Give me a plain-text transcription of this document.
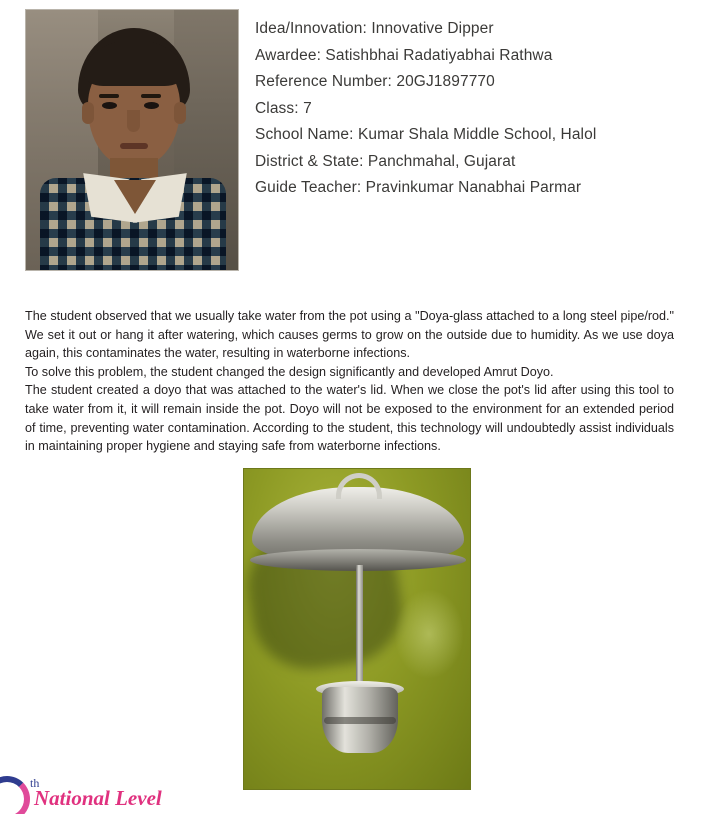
Idea/Innovation: Innovative Dipper
Awardee: Satishbhai Radatiyabhai Rathwa
Reference Number: 20GJ1897770
Class: 7
School Name: Kumar Shala Middle School, Halol
District & State: Panchmahal, Gujarat
Guide Teacher: Pravinkumar Nanabhai Parmar

The student observed that we usually take water from the pot using a "Doya-glass attached to a long steel pipe/rod." We set it out or hang it after watering, which causes germs to grow on the outside due to humidity. As we use doya again, this contaminates the water, resulting in waterborne infections.

To solve this problem, the student changed the design significantly and developed Amrut Doyo.

The student created a doyo that was attached to the water's lid. When we close the pot's lid after using this tool to take water from it, it will remain inside the pot. Doyo will not be exposed to the environment for an extended period of time, preventing water contamination. According to the student, this technology will undoubtedly assist individuals in maintaining proper hygiene and staying safe from waterborne infections.

th
National Level
